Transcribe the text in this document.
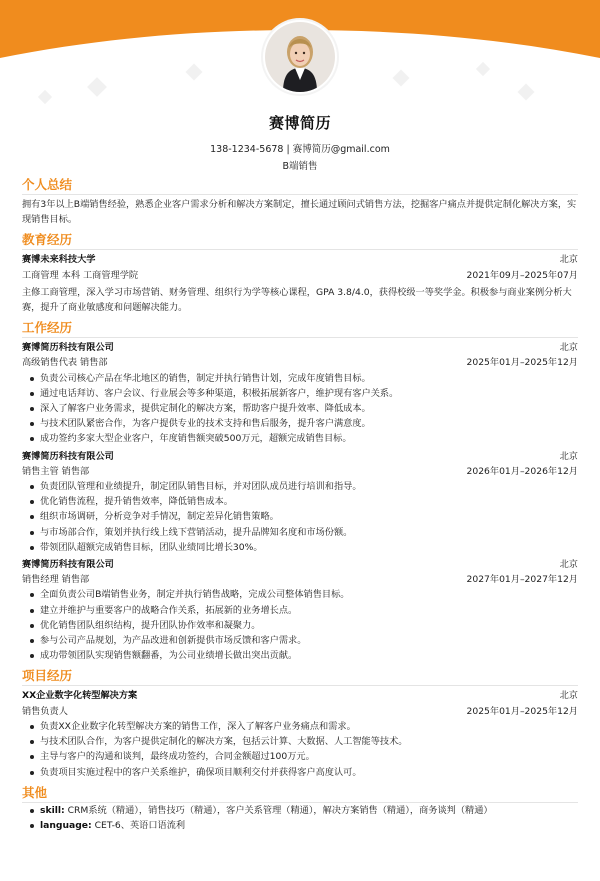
赛博简历
138-1234-5678 | 赛博简历@gmail.com
B端销售
个人总结
拥有3年以上B端销售经验，熟悉企业客户需求分析和解决方案制定，擅长通过顾问式销售方法，挖掘客户痛点并提供定制化解决方案，实现销售目标。
教育经历
赛博未来科技大学	北京
工商管理 本科 工商管理学院	2021年09月–2025年07月
主修工商管理，深入学习市场营销、财务管理、组织行为学等核心课程，GPA 3.8/4.0，获得校级一等奖学金。积极参与商业案例分析大赛，提升了商业敏感度和问题解决能力。
工作经历
赛博简历科技有限公司	北京
高级销售代表 销售部	2025年01月–2025年12月
负责公司核心产品在华北地区的销售，制定并执行销售计划，完成年度销售目标。
通过电话拜访、客户会议、行业展会等多种渠道，积极拓展新客户，维护现有客户关系。
深入了解客户业务需求，提供定制化的解决方案，帮助客户提升效率、降低成本。
与技术团队紧密合作，为客户提供专业的技术支持和售后服务，提升客户满意度。
成功签约多家大型企业客户，年度销售额突破500万元，超额完成销售目标。
赛博简历科技有限公司	北京
销售主管 销售部	2026年01月–2026年12月
负责团队管理和业绩提升，制定团队销售目标，并对团队成员进行培训和指导。
优化销售流程，提升销售效率，降低销售成本。
组织市场调研，分析竞争对手情况，制定差异化销售策略。
与市场部合作，策划并执行线上线下营销活动，提升品牌知名度和市场份额。
带领团队超额完成销售目标，团队业绩同比增长30%。
赛博简历科技有限公司	北京
销售经理 销售部	2027年01月–2027年12月
全面负责公司B端销售业务，制定并执行销售战略，完成公司整体销售目标。
建立并维护与重要客户的战略合作关系，拓展新的业务增长点。
优化销售团队组织结构，提升团队协作效率和凝聚力。
参与公司产品规划，为产品改进和创新提供市场反馈和客户需求。
成功带领团队实现销售额翻番，为公司业绩增长做出突出贡献。
项目经历
XX企业数字化转型解决方案	北京
销售负责人	2025年01月–2025年12月
负责XX企业数字化转型解决方案的销售工作，深入了解客户业务痛点和需求。
与技术团队合作，为客户提供定制化的解决方案，包括云计算、大数据、人工智能等技术。
主导与客户的沟通和谈判，最终成功签约，合同金额超过100万元。
负责项目实施过程中的客户关系维护，确保项目顺利交付并获得客户高度认可。
其他
skill: CRM系统（精通），销售技巧（精通），客户关系管理（精通），解决方案销售（精通），商务谈判（精通）
language: CET-6、英语口语流利
